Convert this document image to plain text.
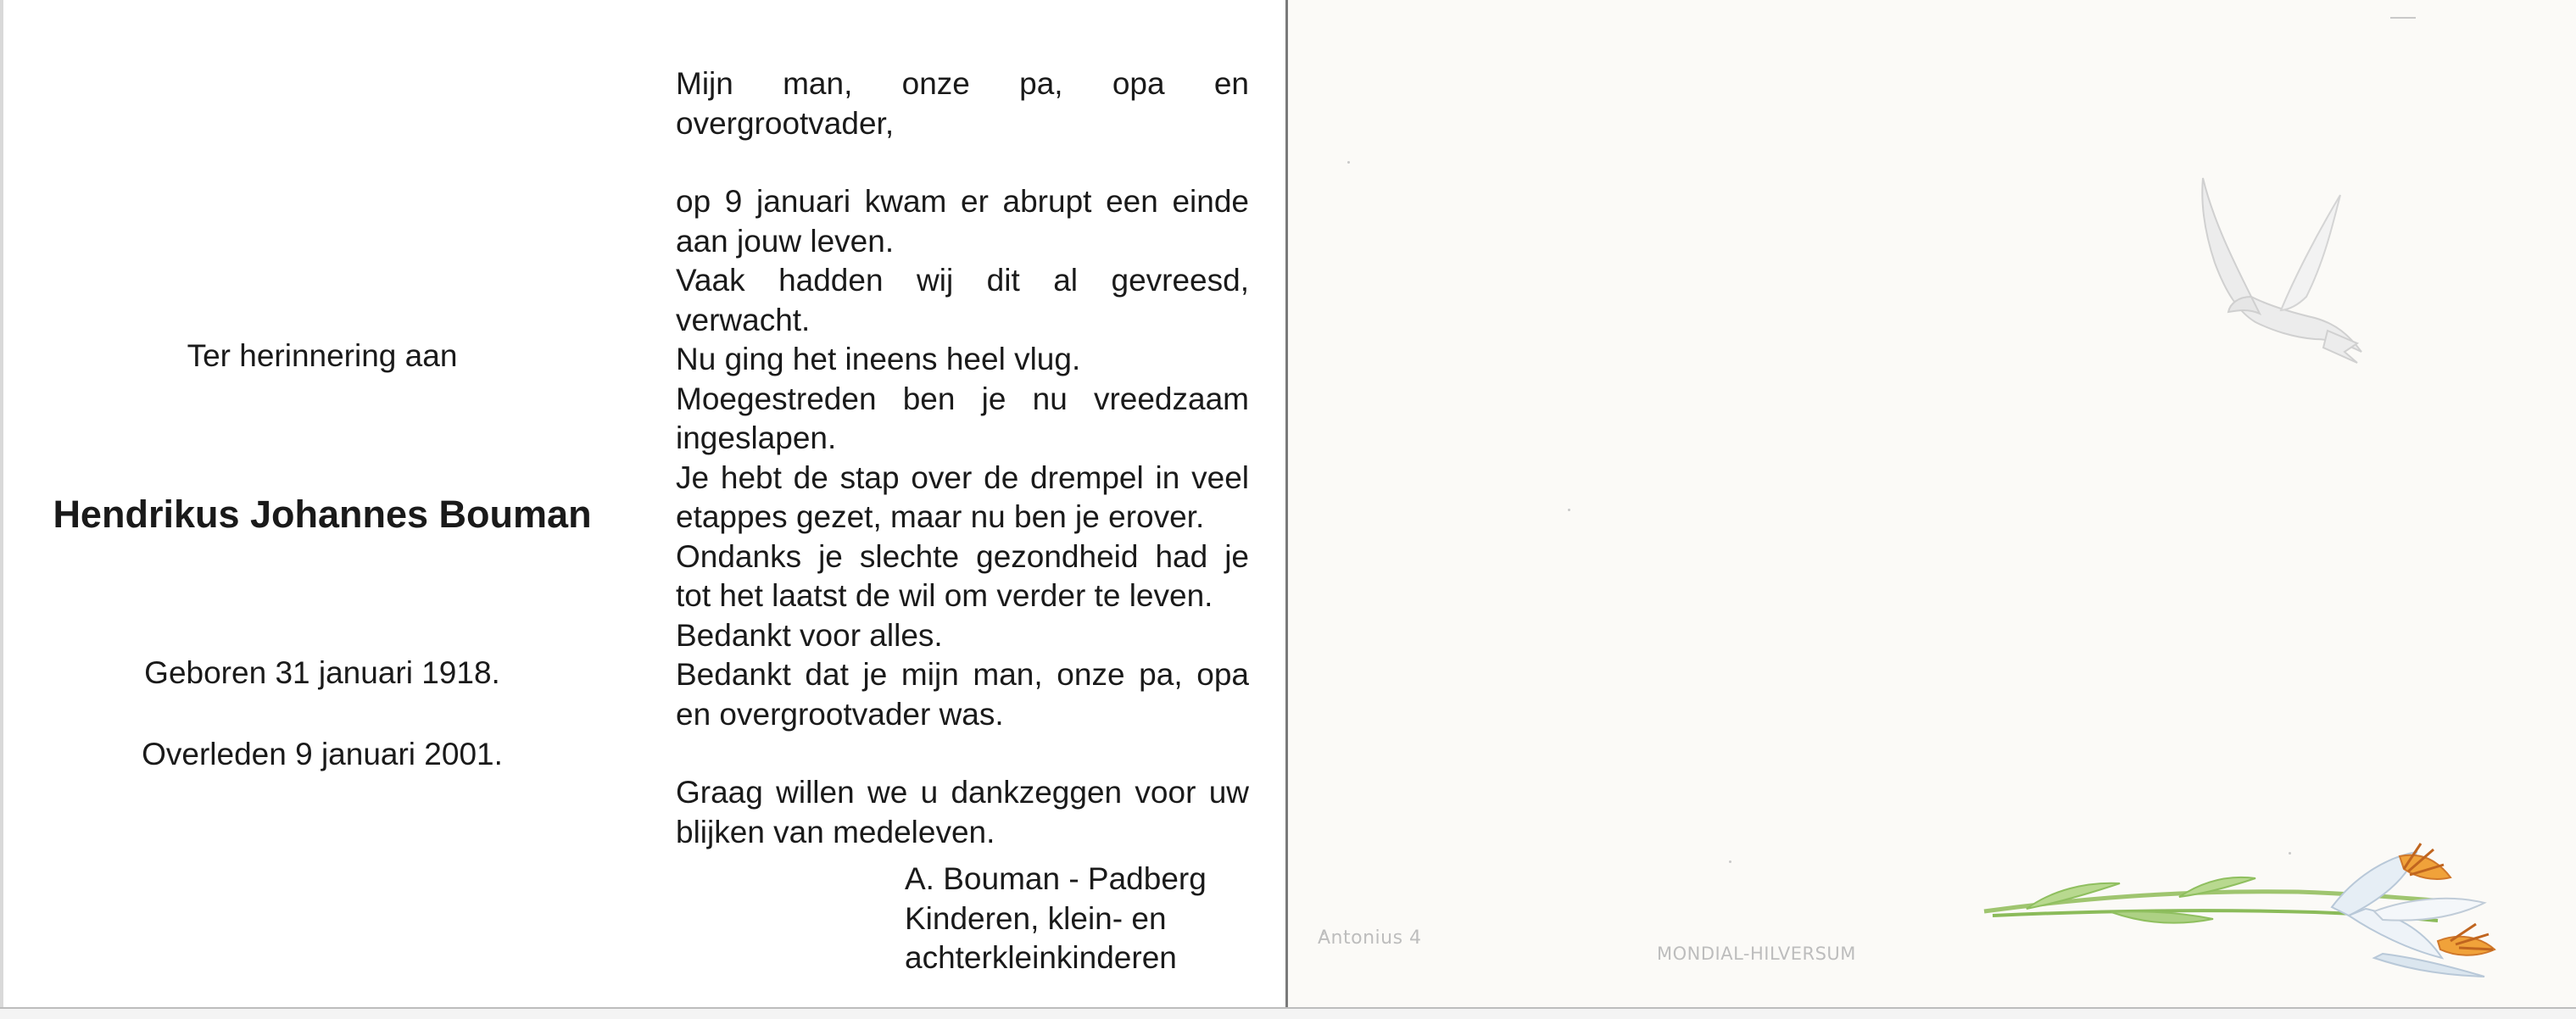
Ter herinnering aan
Hendrikus Johannes Bouman
Geboren 31 januari 1918.
Overleden 9 januari 2001.

Mijn man, onze pa, opa en overgrootvader,

op 9 januari kwam er abrupt een einde aan jouw leven.

Vaak hadden wij dit al gevreesd, verwacht.

Nu ging het ineens heel vlug.

Moegestreden ben je nu vreedzaam ingeslapen.

Je hebt de stap over de drempel in veel etappes gezet, maar nu ben je erover.

Ondanks je slechte gezondheid had je tot het laatst de wil om verder te leven.

Bedankt voor alles.

Bedankt dat je mijn man, onze pa, opa en overgrootvader was.

Graag willen we u dankzeggen voor uw blijken van medeleven.

A. Bouman - Padberg
Kinderen, klein- en
achterkleinkinderen
Antonius 4
MONDIAL-HILVERSUM
